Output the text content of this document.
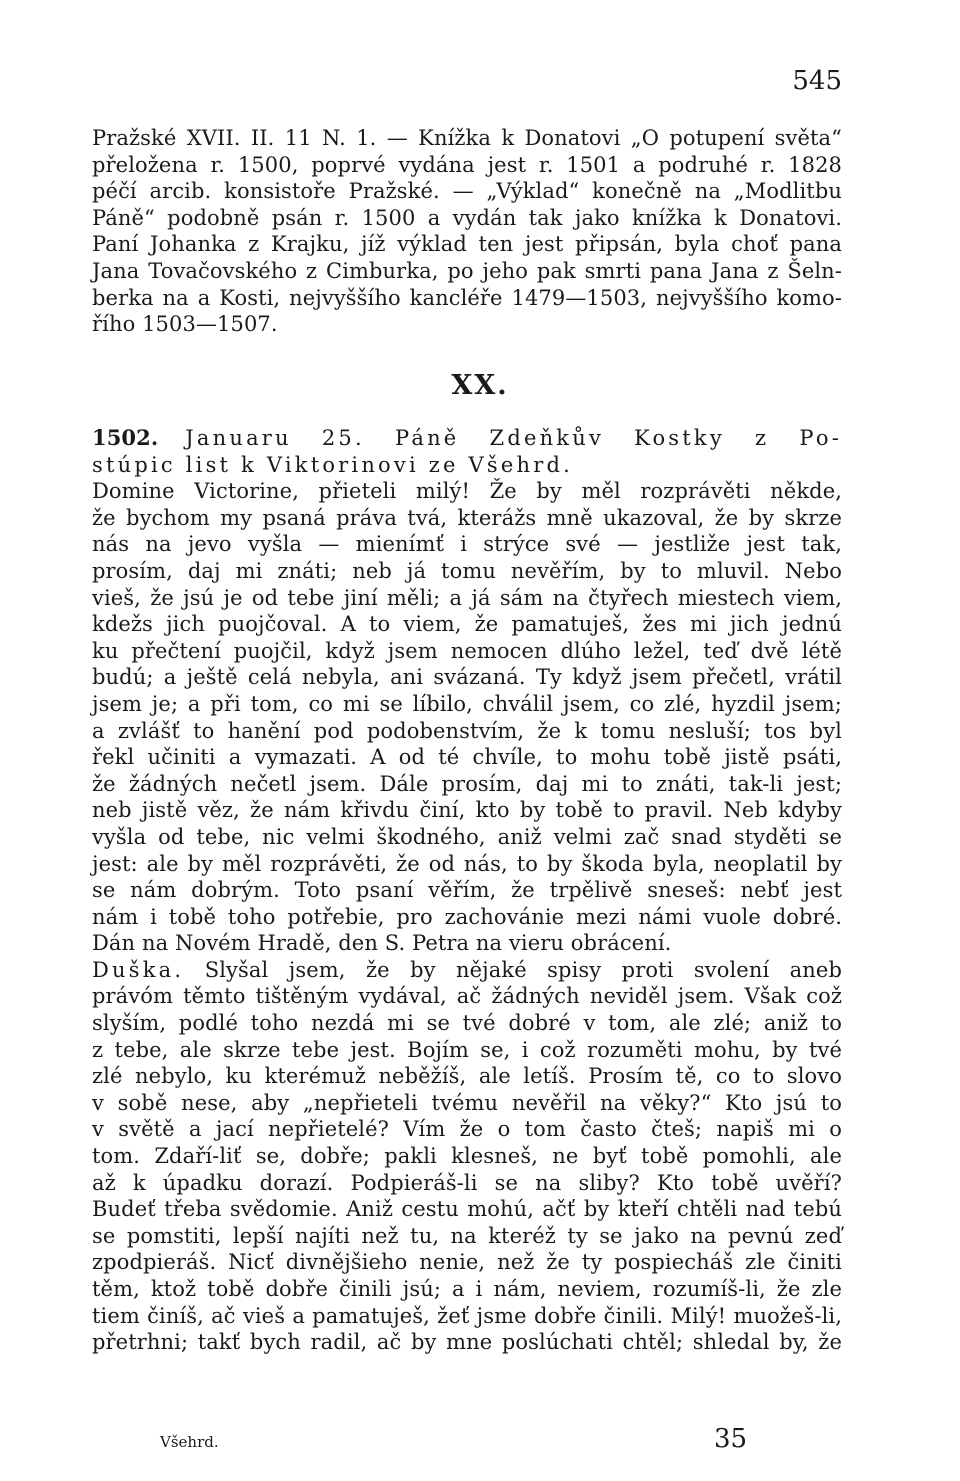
545
Pražské XVII. II. 11 N. 1. — Knížka k Donatovi „O potupení světa“
přeložena r. 1500, poprvé vydána jest r. 1501 a podruhé r. 1828
péčí arcib. konsistoře Pražské. — „Výklad“ konečně na „Modlitbu
Páně“ podobně psán r. 1500 a vydán tak jako knížka k Donatovi.
Paní Johanka z Krajku, jíž výklad ten jest připsán, byla choť pana
Jana Tovačovského z Cimburka, po jeho pak smrti pana Jana z Šeln-
berka na a Kosti, nejvyššího kancléře 1479—1503, nejvyššího komo-
řího 1503—1507.
XX.
1502. Januaru 25. Páně Zdeňkův Kostky z Po-
stúpic list k Viktorinovi ze Všehrd.
Domine Victorine, přieteli milý! Že by měl rozprávěti někde,
že bychom my psaná práva tvá, kterážs mně ukazoval, že by skrze
nás na jevo vyšla — mienímť i strýce své — jestliže jest tak,
prosím, daj mi znáti; neb já tomu nevěřím, by to mluvil. Nebo
vieš, že jsú je od tebe jiní měli; a já sám na čtyřech miestech viem,
kdežs jich puojčoval. A to viem, že pamatuješ, žes mi jich jednú
ku přečtení puojčil, když jsem nemocen dlúho ležel, teď dvě létě
budú; a ještě celá nebyla, ani svázaná. Ty když jsem přečetl, vrátil
jsem je; a při tom, co mi se líbilo, chválil jsem, co zlé, hyzdil jsem;
a zvlášť to hanění pod podobenstvím, že k tomu nesluší; tos byl
řekl učiniti a vymazati. A od té chvíle, to mohu tobě jistě psáti,
že žádných nečetl jsem. Dále prosím, daj mi to znáti, tak-li jest;
neb jistě věz, že nám křivdu činí, kto by tobě to pravil. Neb kdyby
vyšla od tebe, nic velmi škodného, aniž velmi zač snad styděti se
jest: ale by měl rozprávěti, že od nás, to by škoda byla, neoplatil by
se nám dobrým. Toto psaní věřím, že trpělivě sneseš: nebť jest
nám i tobě toho potřebie, pro zachovánie mezi námi vuole dobré.
Dán na Novém Hradě, den S. Petra na vieru obrácení.
Duška. Slyšal jsem, že by nějaké spisy proti svolení aneb
právóm těmto tištěným vydával, ač žádných neviděl jsem. Však což
slyším, podlé toho nezdá mi se tvé dobré v tom, ale zlé; aniž to
z tebe, ale skrze tebe jest. Bojím se, i což rozuměti mohu, by tvé
zlé nebylo, ku kterémuž neběžíš, ale letíš. Prosím tě, co to slovo
v sobě nese, aby „nepřieteli tvému nevěřil na věky?“ Kto jsú to
v světě a jací nepřietelé? Vím že o tom často čteš; napiš mi o
tom. Zdaří-liť se, dobře; pakli klesneš, ne byť tobě pomohli, ale
až k úpadku dorazí. Podpieráš-li se na sliby? Kto tobě uvěří?
Budeť třeba svědomie. Aniž cestu mohú, ačť by kteří chtěli nad tebú
se pomstiti, lepší najíti než tu, na kteréž ty se jako na pevnú zeď
zpodpieráš. Nicť divnějšieho nenie, než že ty pospiecháš zle činiti
těm, ktož tobě dobře činili jsú; a i nám, neviem, rozumíš-li, že zle
tiem činíš, ač vieš a pamatuješ, žeť jsme dobře činili. Milý! muožeš-li,
přetrhni; takť bych radil, ač by mne poslúchati chtěl; shledal by, že
Všehrd.	35
